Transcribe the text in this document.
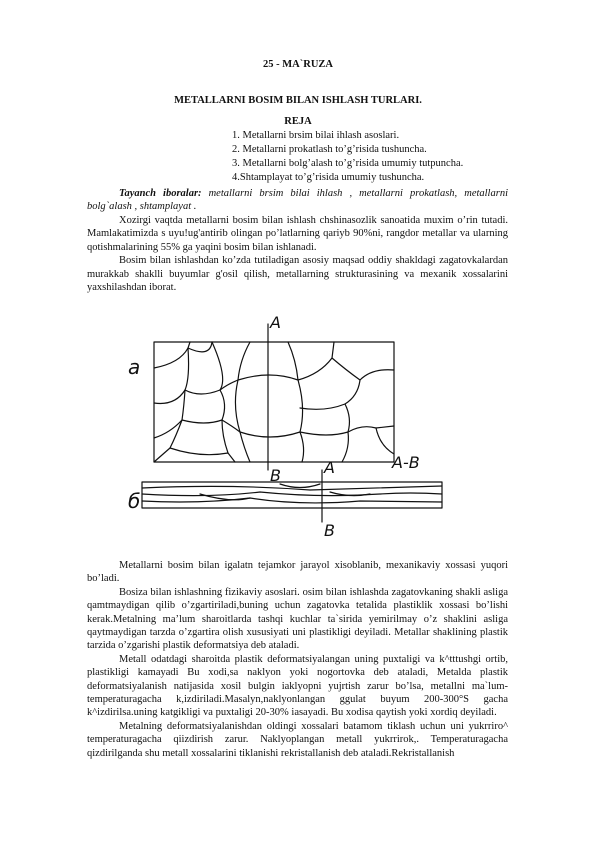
25 - MA`RUZA
METALLARNI BOSIM BILAN ISHLASH TURLARI.
REJA
1. Metallarni brsim bilai ihlash asoslari.
2. Metallarni prokatlash to’g’risida tushuncha.
3. Metallarni bolg’alash to’g’risida umumiy tutpuncha.
4.Shtamplayat to’g’risida umumiy tushuncha.
Tayanch iboralar: metallarni brsim bilai ihlash , metallarni prokatlash, metallarni bolg`alash , shtamplayat .

Xozirgi vaqtda metallarni bosim bilan ishlash chshinasozlik sanoatida muxim o’rin tutadi. Mamlakatimizda s uyu!ug'antirib olingan po’latlarning qariyb 90%ni, rangdor metallar va ularning qotishmalarining 55% ga yaqini bosim bilan ishlanadi.

Bosim bilan ishlashdan ko’zda tutiladigan asosiy maqsad oddiy shakldagi zagatovkalardan murakkab shaklli buyumlar g'osil qilish, metallarning strukturasining va mexanik xossalarini yaxshilashdan iborat.

а
б
A
B	A
B
A-B

Metallarni bosim bilan igalatn tejamkor jarayol xisoblanib, mexanikaviy xossasi yuqori bo’ladi.

Bosiza bilan ishlashning fizikaviy asoslari. osim bilan ishlashda zagatovkaning shakli asliga qamtmaydigan qilib o’zgartiriladi,buning uchun zagatovka tetalida plastiklik xossasi bo’lishi kerak.Metalning ma’lum sharoitlarda tashqi kuchlar ta`sirida yemirilmay o’z shaklini asliga qaytmaydigan tarzda o’zgartira olish xususiyati uni plastikligi deyiladi. Metallar shaklining plastik tarzida o’zgarishi plastik deformatsiya deb ataladi.

Metall odatdagi sharoitda plastik deformatsiyalangan uning puxtaligi va k^tttushgi ortib, plastikligi kamayadi Bu xodi,sa naklyon yoki nogortovka deb ataladi, Metalda plastik deformatsiyalanish natijasida xosil bulgin iaklyopni yujrtish zarur bo’lsa, metallni ma`lum- temperaturagacha k,izdiriladi.Masalyn,naklyonlangan ggulat buyum 200-300°S gacha k^izdirilsa.uning katgikligi va puxtaligi 20-30% iasayadi. Bu xodisa qaytish yoki xordiq deyiladi.

Metalning deformatsiyalanishdan oldingi xossalari batamom tiklash uchun uni yukrriro^ temperaturagacha qiizdirish zarur. Naklyoplangan metall yukrrirok,. Temperaturagacha qizdirilganda shu metall xossalarini tiklanishi rekristallanish deb ataladi.Rekristallanish
